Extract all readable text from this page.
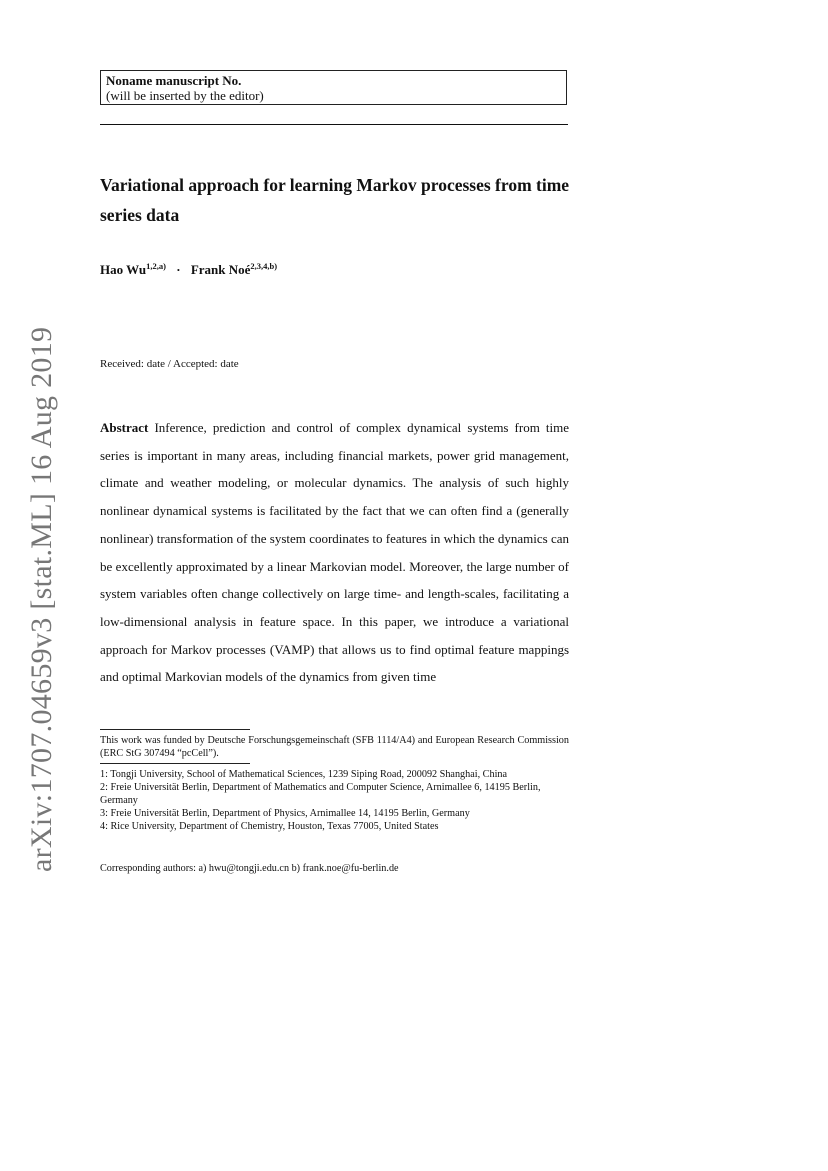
arXiv:1707.04659v3 [stat.ML] 16 Aug 2019
Noname manuscript No.
(will be inserted by the editor)
Variational approach for learning Markov processes from time series data
Hao Wu$^{1,2,a)}$ · Frank Noé$^{2,3,4,b)}$
Received: date / Accepted: date

Abstract Inference, prediction and control of complex dynamical systems from time series is important in many areas, including financial markets, power grid management, climate and weather modeling, or molecular dynamics. The analysis of such highly nonlinear dynamical systems is facilitated by the fact that we can often find a (generally nonlinear) transformation of the system coordinates to features in which the dynamics can be excellently approximated by a linear Markovian model. Moreover, the large number of system variables often change collectively on large time- and length-scales, facilitating a low-dimensional analysis in feature space. In this paper, we introduce a variational approach for Markov processes (VAMP) that allows us to find optimal feature mappings and optimal Markovian models of the dynamics from given time

This work was funded by Deutsche Forschungsgemeinschaft (SFB 1114/A4) and European Research Commission (ERC StG 307494 “pcCell”).

1: Tongji University, School of Mathematical Sciences, 1239 Siping Road, 200092 Shanghai, China
2: Freie Universität Berlin, Department of Mathematics and Computer Science, Arnimallee 6, 14195 Berlin, Germany
3: Freie Universität Berlin, Department of Physics, Arnimallee 14, 14195 Berlin, Germany
4: Rice University, Department of Chemistry, Houston, Texas 77005, United States

Corresponding authors: a) hwu@tongji.edu.cn b) frank.noe@fu-berlin.de
